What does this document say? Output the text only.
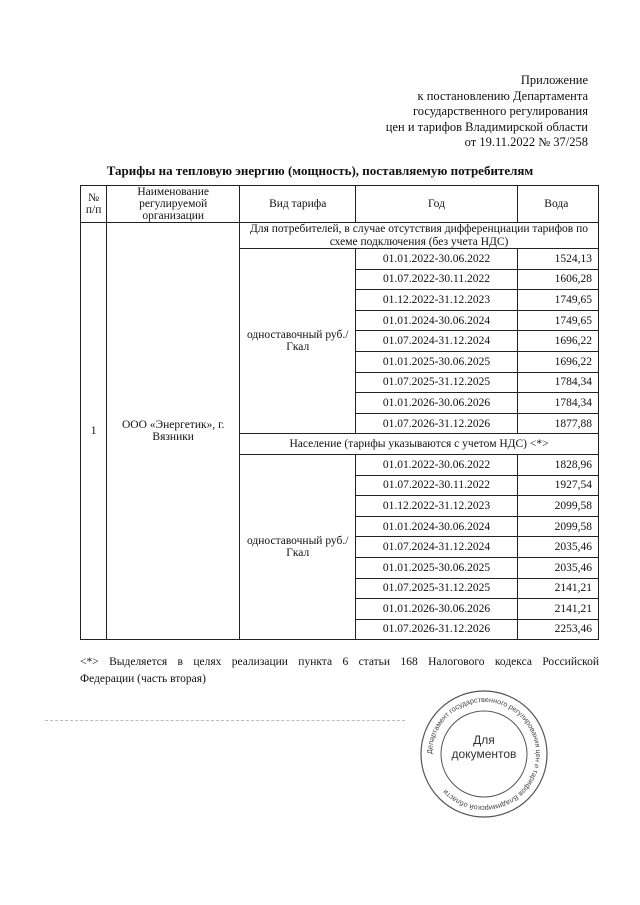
Приложение
к постановлению Департамента
государственного регулирования
цен и тарифов Владимирской области
от 19.11.2022 № 37/258
Тарифы на тепловую энергию (мощность), поставляемую потребителям
№ п/п	Наименование регулируемой организации	Вид тарифа	Год	Вода
1	ООО «Энергетик», г. Вязники	Для потребителей, в случае отсутствия дифференциации тарифов по схеме подключения (без учета НДС)		
		одноставочный руб./Гкал	01.01.2022-30.06.2022	1524,13
			01.07.2022-30.11.2022	1606,28
			01.12.2022-31.12.2023	1749,65
			01.01.2024-30.06.2024	1749,65
			01.07.2024-31.12.2024	1696,22
			01.01.2025-30.06.2025	1696,22
			01.07.2025-31.12.2025	1784,34
			01.01.2026-30.06.2026	1784,34
			01.07.2026-31.12.2026	1877,88
		Население (тарифы указываются с учетом НДС) <*>		
		одноставочный руб./Гкал	01.01.2022-30.06.2022	1828,96
			01.07.2022-30.11.2022	1927,54
			01.12.2022-31.12.2023	2099,58
			01.01.2024-30.06.2024	2099,58
			01.07.2024-31.12.2024	2035,46
			01.01.2025-30.06.2025	2035,46
			01.07.2025-31.12.2025	2141,21
			01.01.2026-30.06.2026	2141,21
			01.07.2026-31.12.2026	2253,46
<*> Выделяется в целях реализации пункта 6 статьи 168 Налогового кодекса Российской
Федерации (часть вторая)
Департамент государственного регулирования цен и тарифов Владимирской области
Для
документов
